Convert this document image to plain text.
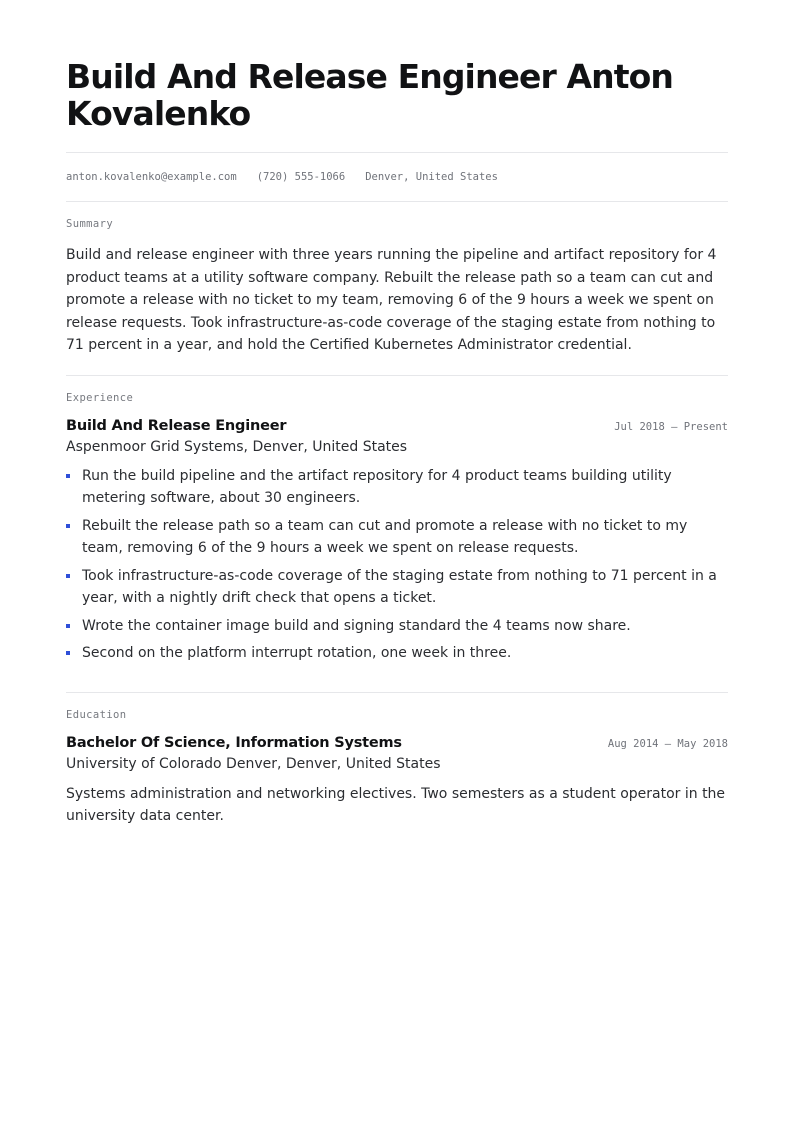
Build And Release Engineer Anton Kovalenko
anton.kovalenko@example.com (720) 555-1066 Denver, United States
Summary

Build and release engineer with three years running the pipeline and artifact repository for 4 product teams at a utility software company. Rebuilt the release path so a team can cut and promote a release with no ticket to my team, removing 6 of the 9 hours a week we spent on release requests. Took infrastructure-as-code coverage of the staging estate from nothing to 71 percent in a year, and hold the Certified Kubernetes Administrator credential.

Experience
Build And Release Engineer	Jul 2018 — Present
Aspenmoor Grid Systems, Denver, United States
Run the build pipeline and the artifact repository for 4 product teams building utility metering software, about 30 engineers.
Rebuilt the release path so a team can cut and promote a release with no ticket to my team, removing 6 of the 9 hours a week we spent on release requests.
Took infrastructure-as-code coverage of the staging estate from nothing to 71 percent in a year, with a nightly drift check that opens a ticket.
Wrote the container image build and signing standard the 4 teams now share.
Second on the platform interrupt rotation, one week in three.
Education
Bachelor Of Science, Information Systems	Aug 2014 — May 2018
University of Colorado Denver, Denver, United States

Systems administration and networking electives. Two semesters as a student operator in the university data center.
